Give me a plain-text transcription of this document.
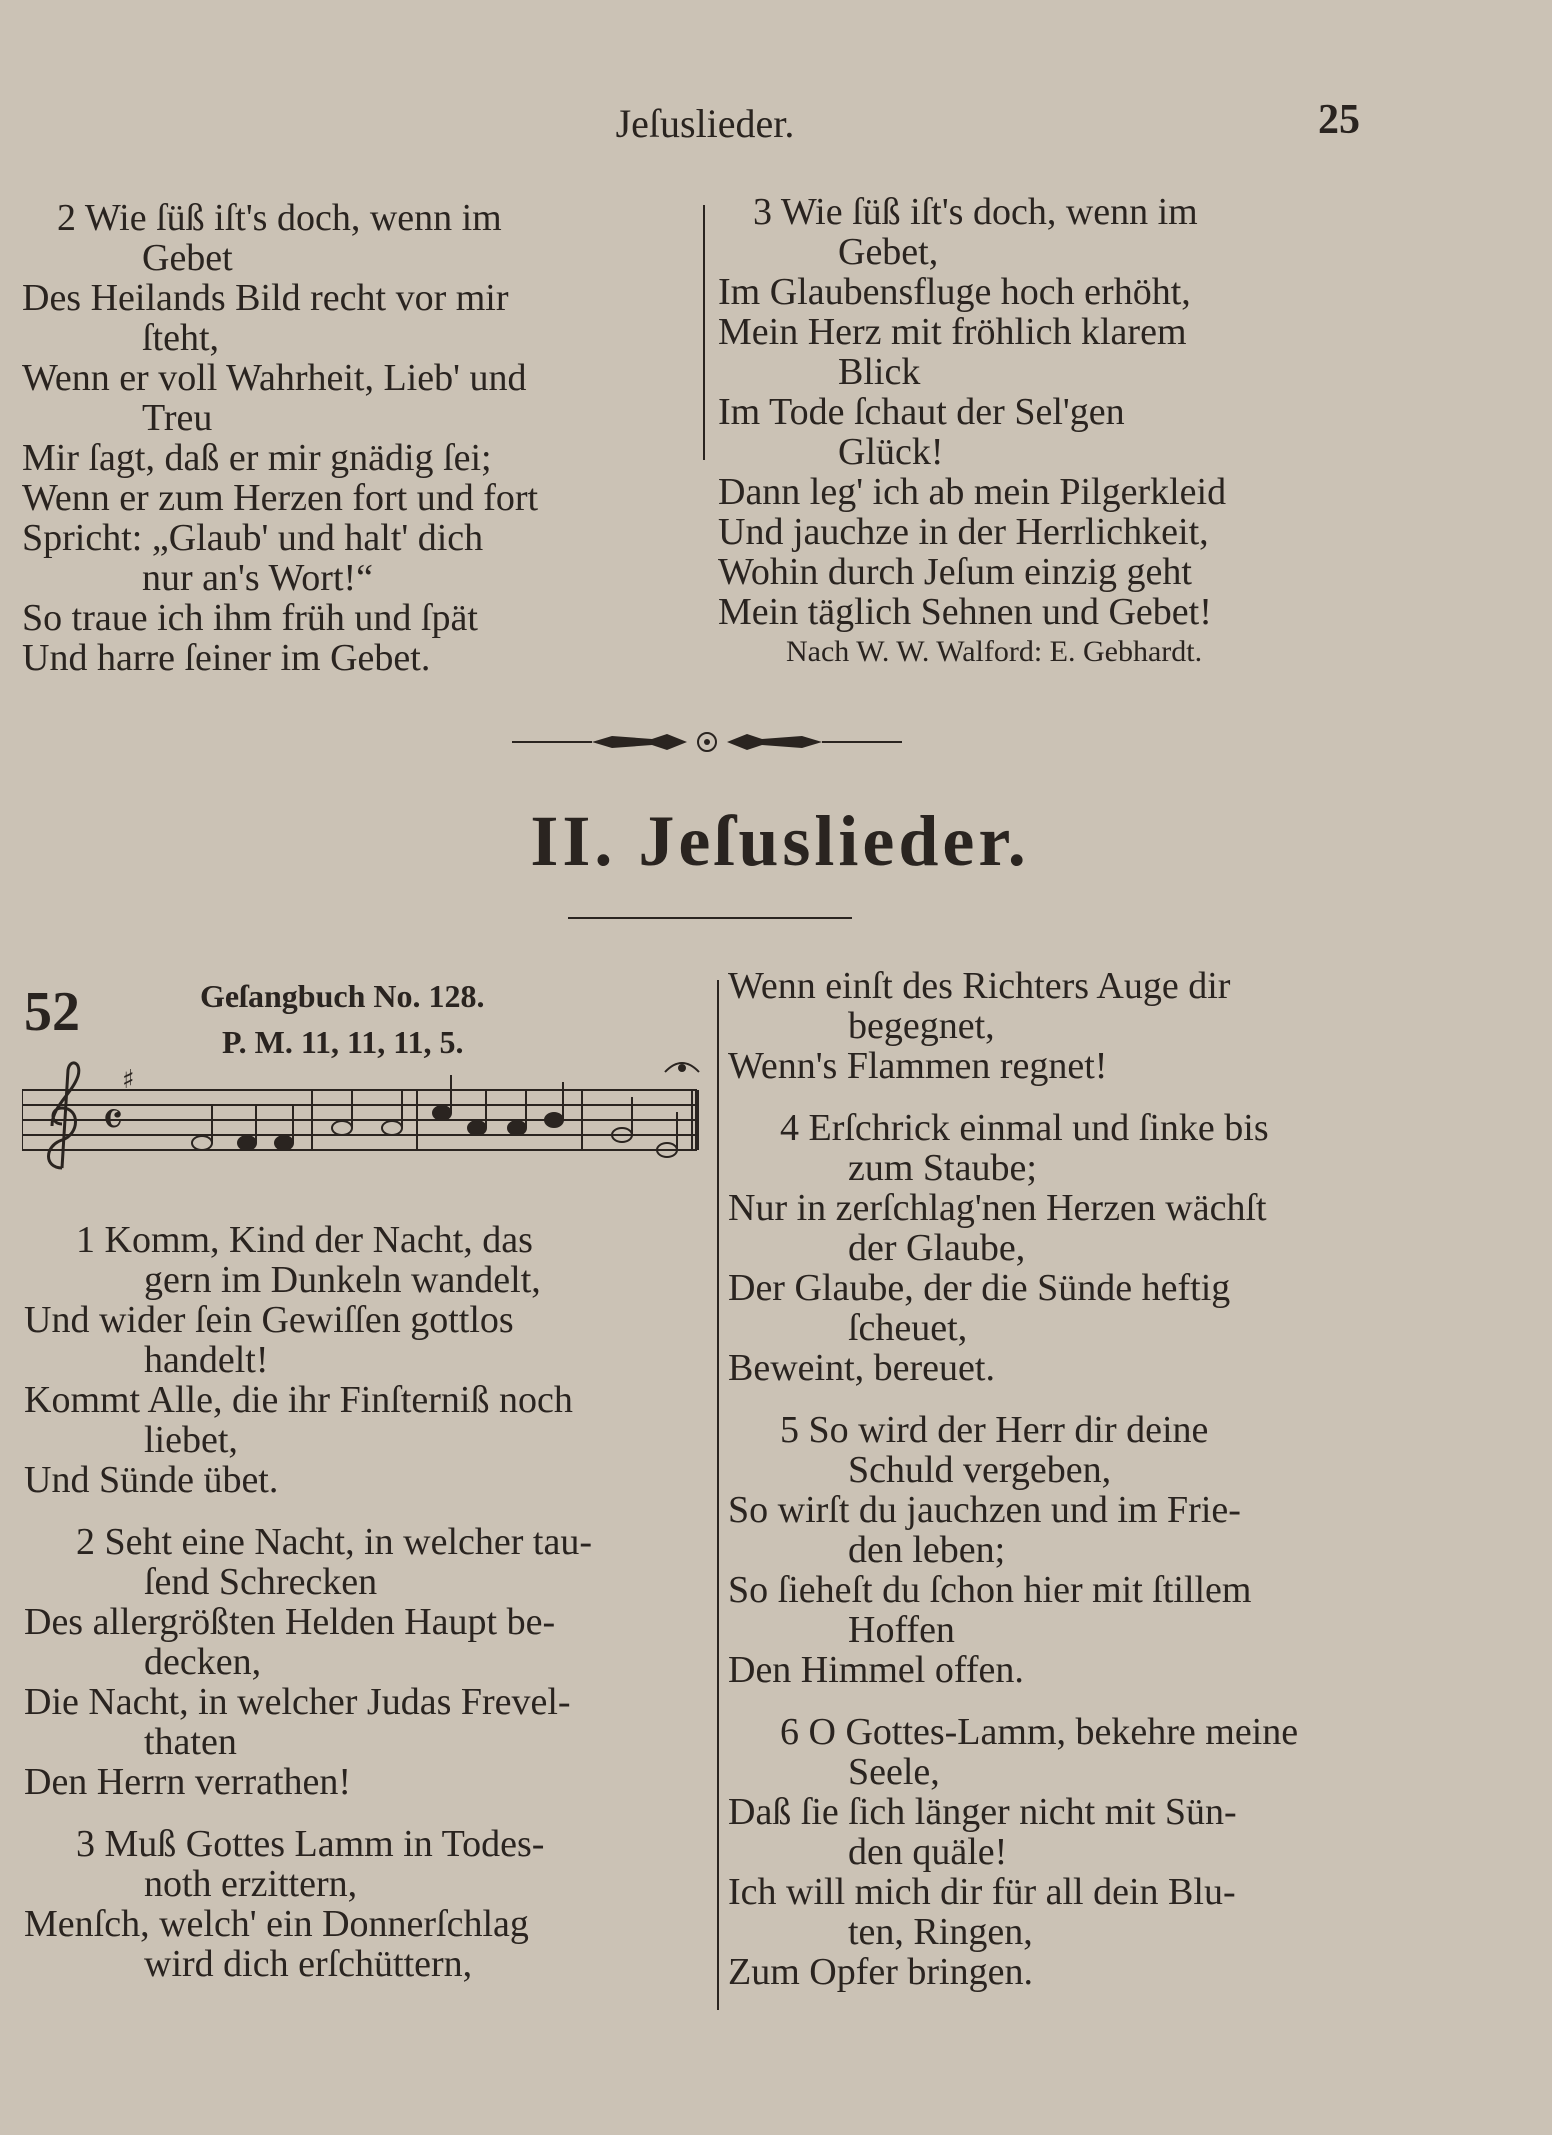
Jeſuslieder.	25
2 Wie ſüß iſt's doch, wenn im
Gebet
Des Heilands Bild recht vor mir
ſteht,
Wenn er voll Wahrheit, Lieb' und
Treu
Mir ſagt, daß er mir gnädig ſei;
Wenn er zum Herzen fort und fort
Spricht: „Glaub' und halt' dich
nur an's Wort!“
So traue ich ihm früh und ſpät
Und harre ſeiner im Gebet.
3 Wie ſüß iſt's doch, wenn im
Gebet,
Im Glaubensfluge hoch erhöht,
Mein Herz mit fröhlich klarem
Blick
Im Tode ſchaut der Sel'gen
Glück!
Dann leg' ich ab mein Pilgerkleid
Und jauchze in der Herrlichkeit,
Wohin durch Jeſum einzig geht
Mein täglich Sehnen und Gebet!
Nach W. W. Walford: E. Gebhardt.
II. Jeſuslieder.
52	Geſangbuch No. 128.
P. M. 11, 11, 11, 5.
𝄴
♯
1 Komm, Kind der Nacht, das
gern im Dunkeln wandelt,
Und wider ſein Gewiſſen gottlos
handelt!
Kommt Alle, die ihr Finſterniß noch
liebet,
Und Sünde übet.
2 Seht eine Nacht, in welcher tau-
ſend Schrecken
Des allergrößten Helden Haupt be-
decken,
Die Nacht, in welcher Judas Frevel-
thaten
Den Herrn verrathen!
3 Muß Gottes Lamm in Todes-
noth erzittern,
Menſch, welch' ein Donnerſchlag
wird dich erſchüttern,
Wenn einſt des Richters Auge dir
begegnet,
Wenn's Flammen regnet!
4 Erſchrick einmal und ſinke bis
zum Staube;
Nur in zerſchlag'nen Herzen wächſt
der Glaube,
Der Glaube, der die Sünde heftig
ſcheuet,
Beweint, bereuet.
5 So wird der Herr dir deine
Schuld vergeben,
So wirſt du jauchzen und im Frie-
den leben;
So ſieheſt du ſchon hier mit ſtillem
Hoffen
Den Himmel offen.
6 O Gottes-Lamm, bekehre meine
Seele,
Daß ſie ſich länger nicht mit Sün-
den quäle!
Ich will mich dir für all dein Blu-
ten, Ringen,
Zum Opfer bringen.
